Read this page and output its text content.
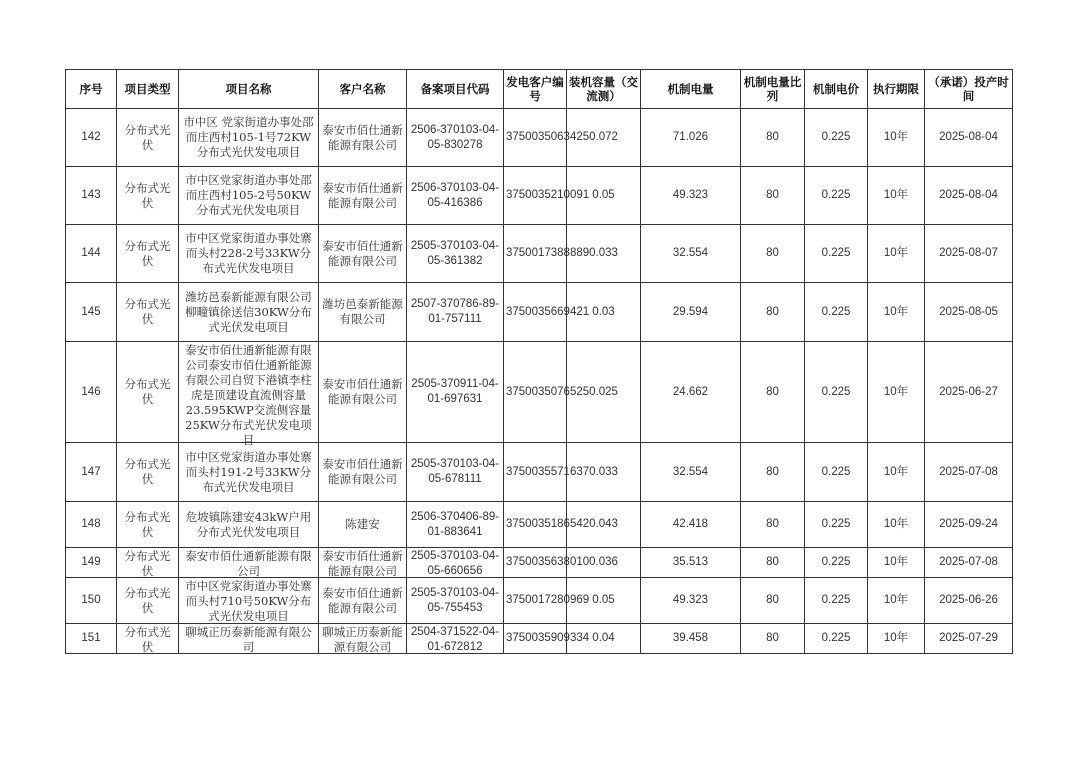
序号	项目类型	项目名称	客户名称	备案项目代码	发电客户编号	装机容量（交流测）	机制电量	机制电量比列	机制电价	执行期限	（承诺）投产时间

142	分布式光伏	市中区 党家街道办事处邵而庄西村105-1号72KW分布式光伏发电项目	泰安市佰仕通新能源有限公司	2506-370103-04-05-830278	3750035063425	0.072	71.026	80	0.225	10年	2025-08-04

143	分布式光伏	市中区党家街道办事处邵而庄西村105-2号50KW分布式光伏发电项目	泰安市佰仕通新能源有限公司	2506-370103-04-05-416386	3750035210091	0.05	49.323	80	0.225	10年	2025-08-04

144	分布式光伏	市中区党家街道办事处寨而头村228-2号33KW分布式光伏发电项目	泰安市佰仕通新能源有限公司	2505-370103-04-05-361382	3750017388889	0.033	32.554	80	0.225	10年	2025-08-07

145	分布式光伏	潍坊邑泰新能源有限公司柳疃镇徐送信30KW分布式光伏发电项目	潍坊邑泰新能源有限公司	2507-370786-89-01-757111	3750035669421	0.03	29.594	80	0.225	10年	2025-08-05

146	分布式光伏	泰安市佰仕通新能源有限公司泰安市佰仕通新能源有限公司自贸下港镇李柱虎是顶建设直流侧容量23.595KWP交流侧容量25KW分布式光伏发电项目	泰安市佰仕通新能源有限公司	2505-370911-04-01-697631	3750035076525	0.025	24.662	80	0.225	10年	2025-06-27

147	分布式光伏	市中区党家街道办事处寨而头村191-2号33KW分布式光伏发电项目	泰安市佰仕通新能源有限公司	2505-370103-04-05-678111	3750035571637	0.033	32.554	80	0.225	10年	2025-07-08

148	分布式光伏	危坡镇陈建安43kW户用分布式光伏发电项目	陈建安	2506-370406-89-01-883641	3750035186542	0.043	42.418	80	0.225	10年	2025-09-24

149	分布式光伏	泰安市佰仕通新能源有限公司	泰安市佰仕通新能源有限公司	2505-370103-04-05-660656	3750035638010	0.036	35.513	80	0.225	10年	2025-07-08

150	分布式光伏	市中区党家街道办事处寨而头村710号50KW分布式光伏发电项目	泰安市佰仕通新能源有限公司	2505-370103-04-05-755453	3750017280969	0.05	49.323	80	0.225	10年	2025-06-26

151	分布式光伏	聊城正历泰新能源有限公司	聊城正历泰新能源有限公司	2504-371522-04-01-672812	3750035909334	0.04	39.458	80	0.225	10年	2025-07-29
